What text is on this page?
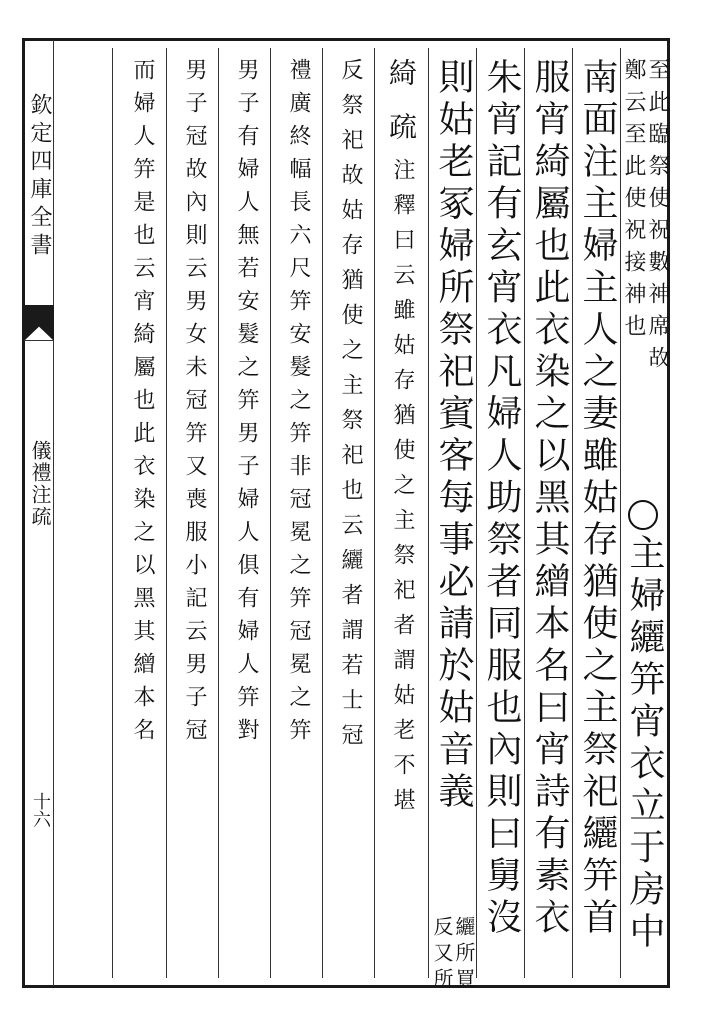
欽定四庫全書
儀禮注疏
十六
至此臨祭使祝數神席故
鄭云至此使祝接神也
南面注主婦主人之妻雖姑存猶使之主祭祀纚笄首 主婦纚笄宵衣立于房中
服宵綺屬也此衣染之以黑其繒本名曰宵詩有素衣
朱宵記有玄宵衣凡婦人助祭者同服也內則曰舅沒
則姑老冢婦所祭祀賓客每事必請於姑音義
纚所買
反又所
綺
疏
注釋曰云雖姑存猶使之主祭祀者謂姑老不堪
反祭祀故姑存猶使之主祭祀也云纚者謂若士冠
禮廣終幅長六尺笄安髮之笄非冠冕之笄冠冕之笄
男子有婦人無若安髮之笄男子婦人俱有婦人笄對
男子冠故內則云男女未冠笄又喪服小記云男子冠
而婦人笄是也云宵綺屬也此衣染之以黑其繒本名
